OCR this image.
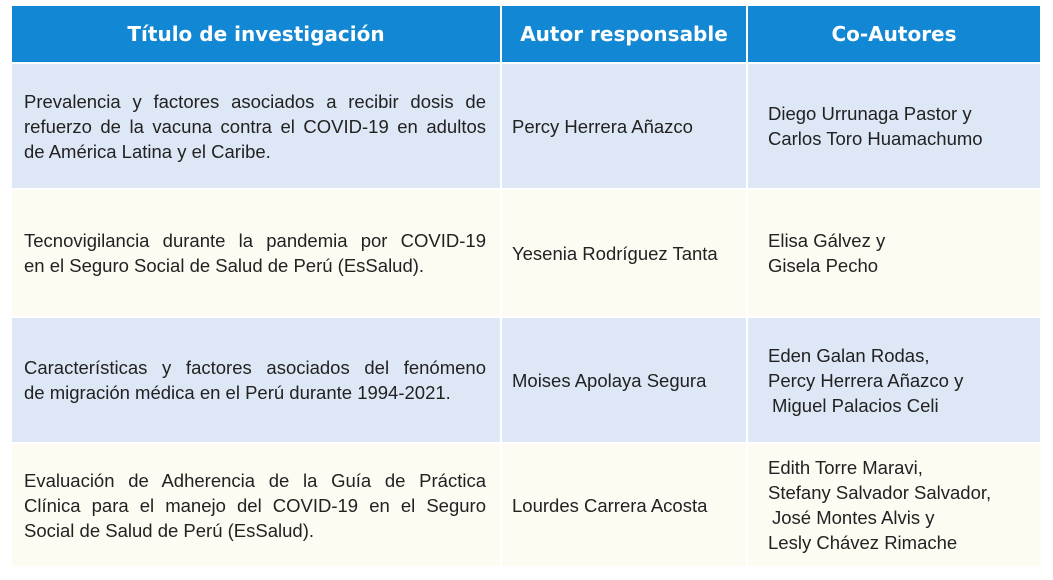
Título de investigación	Autor responsable	Co-Autores

Prevalencia y factores asociados a recibir dosis de
refuerzo de la vacuna contra el COVID-19 en adultos
de América Latina y el Caribe.	Percy Herrera Añazco	Diego Urrunaga Pastor y
Carlos Toro Huamachumo

Tecnovigilancia durante la pandemia por COVID-19
en el Seguro Social de Salud de Perú (EsSalud).	Yesenia Rodríguez Tanta	Elisa Gálvez y
Gisela Pecho

Características y factores asociados del fenómeno
de migración médica en el Perú durante 1994-2021.	Moises Apolaya Segura	Eden Galan Rodas,
Percy Herrera Añazco y
Miguel Palacios Celi

Evaluación de Adherencia de la Guía de Práctica
Clínica para el manejo del COVID-19 en el Seguro
Social de Salud de Perú (EsSalud).	Lourdes Carrera Acosta	Edith Torre Maravi,
Stefany Salvador Salvador,
José Montes Alvis y
Lesly Chávez Rimache
